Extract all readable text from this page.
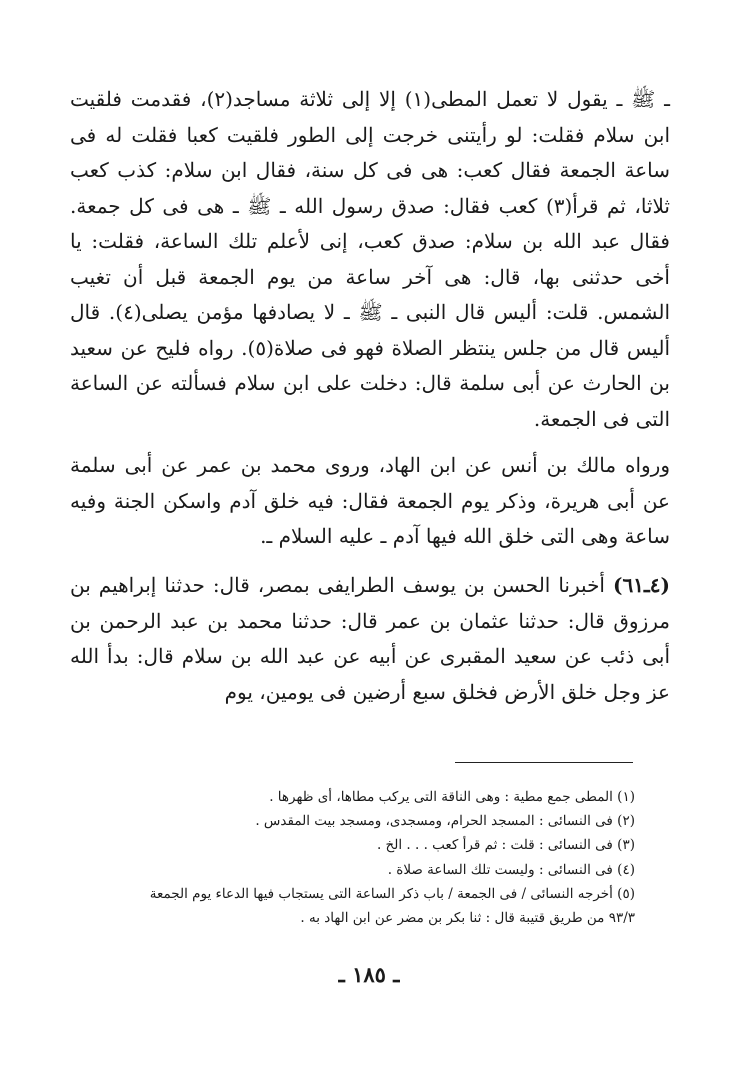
ـ ﷺ ـ يقول لا تعمل المطى(١) إلا إلى ثلاثة مساجد(٢)، فقدمت فلقيت ابن سلام فقلت: لو رأيتنى خرجت إلى الطور فلقيت كعبا فقلت له فى ساعة الجمعة فقال كعب: هى فى كل سنة، فقال ابن سلام: كذب كعب ثلاثا، ثم قرأ(٣) كعب فقال: صدق رسول الله ـ ﷺ ـ هى فى كل جمعة. فقال عبد الله بن سلام: صدق كعب، إنى لأعلم تلك الساعة، فقلت: يا أخى حدثنى بها، قال: هى آخر ساعة من يوم الجمعة قبل أن تغيب الشمس. قلت: أليس قال النبى ـ ﷺ ـ لا يصادفها مؤمن يصلى(٤). قال أليس قال من جلس ينتظر الصلاة فهو فى صلاة(٥). رواه فليح عن سعيد بن الحارث عن أبى سلمة قال: دخلت على ابن سلام فسألته عن الساعة التى فى الجمعة.

ورواه مالك بن أنس عن ابن الهاد، وروى محمد بن عمر عن أبى سلمة عن أبى هريرة، وذكر يوم الجمعة فقال: فيه خلق آدم واسكن الجنة وفيه ساعة وهى التى خلق الله فيها آدم ـ عليه السلام ـ.

(٤ـ٦١) أخبرنا الحسن بن يوسف الطرايفى بمصر، قال: حدثنا إبراهيم بن مرزوق قال: حدثنا عثمان بن عمر قال: حدثنا محمد بن عبد الرحمن بن أبى ذئب عن سعيد المقبرى عن أبيه عن عبد الله بن سلام قال: بدأ الله عز وجل خلق الأرض فخلق سبع أرضين فى يومين، يوم

(١) المطى جمع مطية : وهى الناقة التى يركب مطاها، أى ظهرها .
(٢) فى النسائى : المسجد الحرام، ومسجدى، ومسجد بيت المقدس .
(٣) فى النسائى : قلت : ثم قرأ كعب . . . الخ .
(٤) فى النسائى : وليست تلك الساعة صلاة .
(٥) أخرجه النسائى / فى الجمعة / باب ذكر الساعة التى يستجاب فيها الدعاء يوم الجمعة
٩٣/٣ من طريق قتيبة قال : ثنا بكر بن مضر عن ابن الهاد به .
ـ ١٨٥ ـ
